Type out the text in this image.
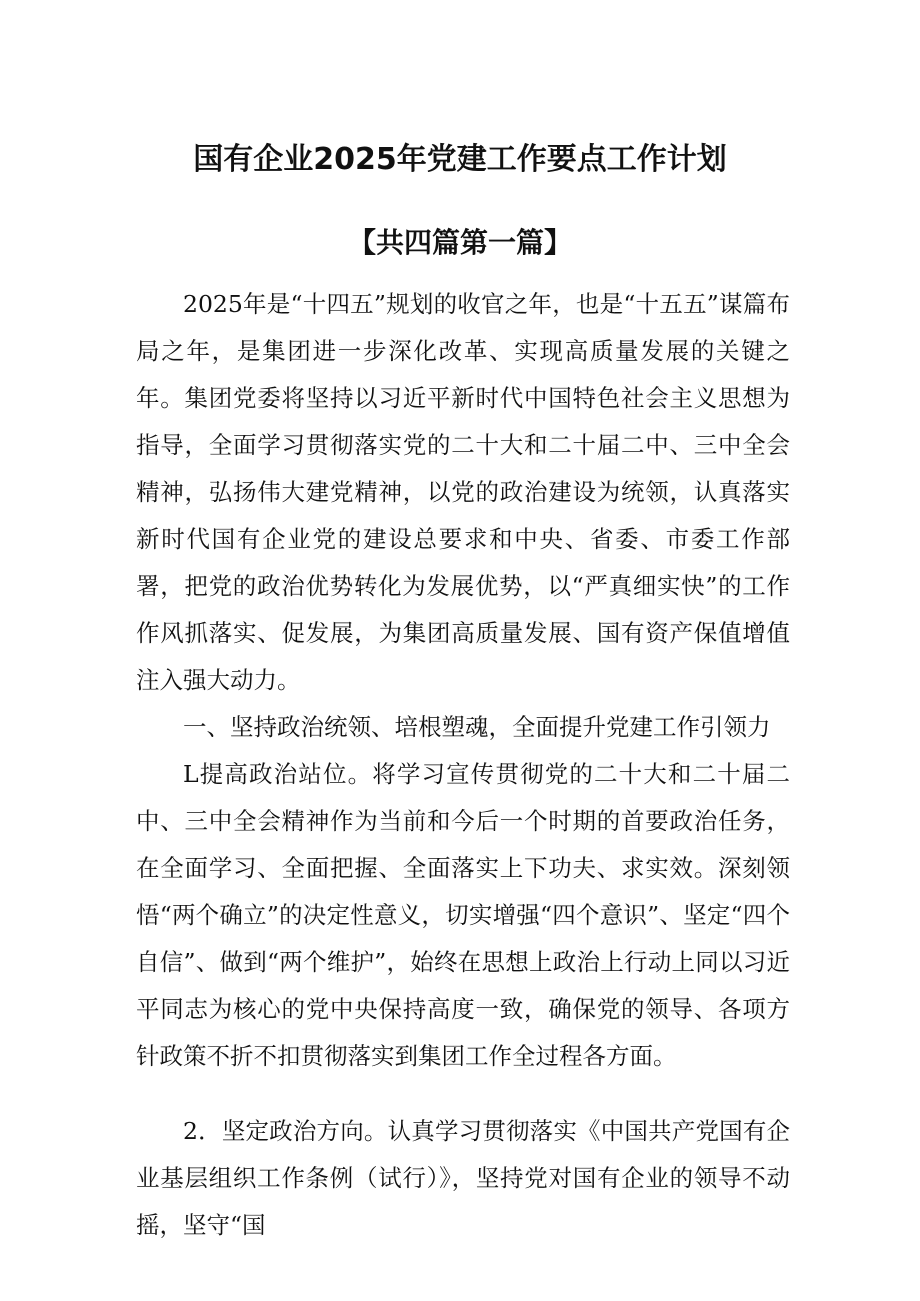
国有企业2025年党建工作要点工作计划
【共四篇第一篇】

2025年是“十四五”规划的收官之年，也是“十五五”谋篇布局之年，是集团进一步深化改革、实现高质量发展的关键之年。集团党委将坚持以习近平新时代中国特色社会主义思想为指导，全面学习贯彻落实党的二十大和二十届二中、三中全会精神，弘扬伟大建党精神，以党的政治建设为统领，认真落实新时代国有企业党的建设总要求和中央、省委、市委工作部署，把党的政治优势转化为发展优势，以“严真细实快”的工作作风抓落实、促发展，为集团高质量发展、国有资产保值增值注入强大动力。

一、坚持政治统领、培根塑魂，全面提升党建工作引领力

L提高政治站位。将学习宣传贯彻党的二十大和二十届二中、三中全会精神作为当前和今后一个时期的首要政治任务，在全面学习、全面把握、全面落实上下功夫、求实效。深刻领悟“两个确立”的决定性意义，切实增强“四个意识”、坚定“四个自信”、做到“两个维护”，始终在思想上政治上行动上同以习近平同志为核心的党中央保持高度一致，确保党的领导、各项方针政策不折不扣贯彻落实到集团工作全过程各方面。

2．坚定政治方向。认真学习贯彻落实《中国共产党国有企业基层组织工作条例（试行）》，坚持党对国有企业的领导不动摇，坚守“国
